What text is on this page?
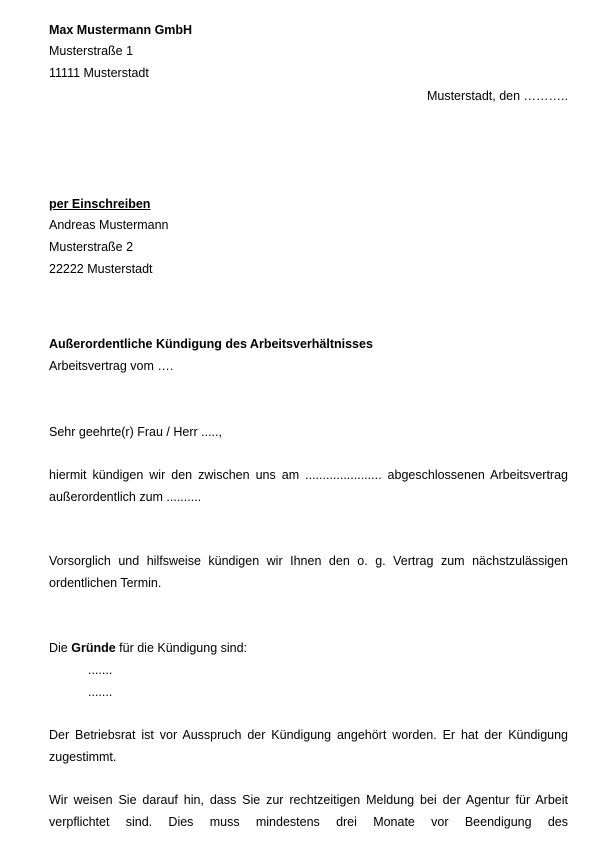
Max Mustermann GmbH
Musterstraße 1
11111 Musterstadt
Musterstadt, den ………..
per Einschreiben
Andreas Mustermann
Musterstraße 2
22222 Musterstadt
Außerordentliche Kündigung des Arbeitsverhältnisses
Arbeitsvertrag vom ….
Sehr geehrte(r) Frau / Herr .....,
hiermit kündigen wir den zwischen uns am ...................... abgeschlossenen Arbeitsvertrag
außerordentlich zum ..........
Vorsorglich und hilfsweise kündigen wir Ihnen den o. g. Vertrag zum nächstzulässigen
ordentlichen Termin.
Die Gründe für die Kündigung sind:
.......
.......
Der Betriebsrat ist vor Ausspruch der Kündigung angehört worden. Er hat der Kündigung
zugestimmt.
Wir weisen Sie darauf hin, dass Sie zur rechtzeitigen Meldung bei der Agentur für Arbeit
verpflichtet sind. Dies muss mindestens drei Monate vor Beendigung des
